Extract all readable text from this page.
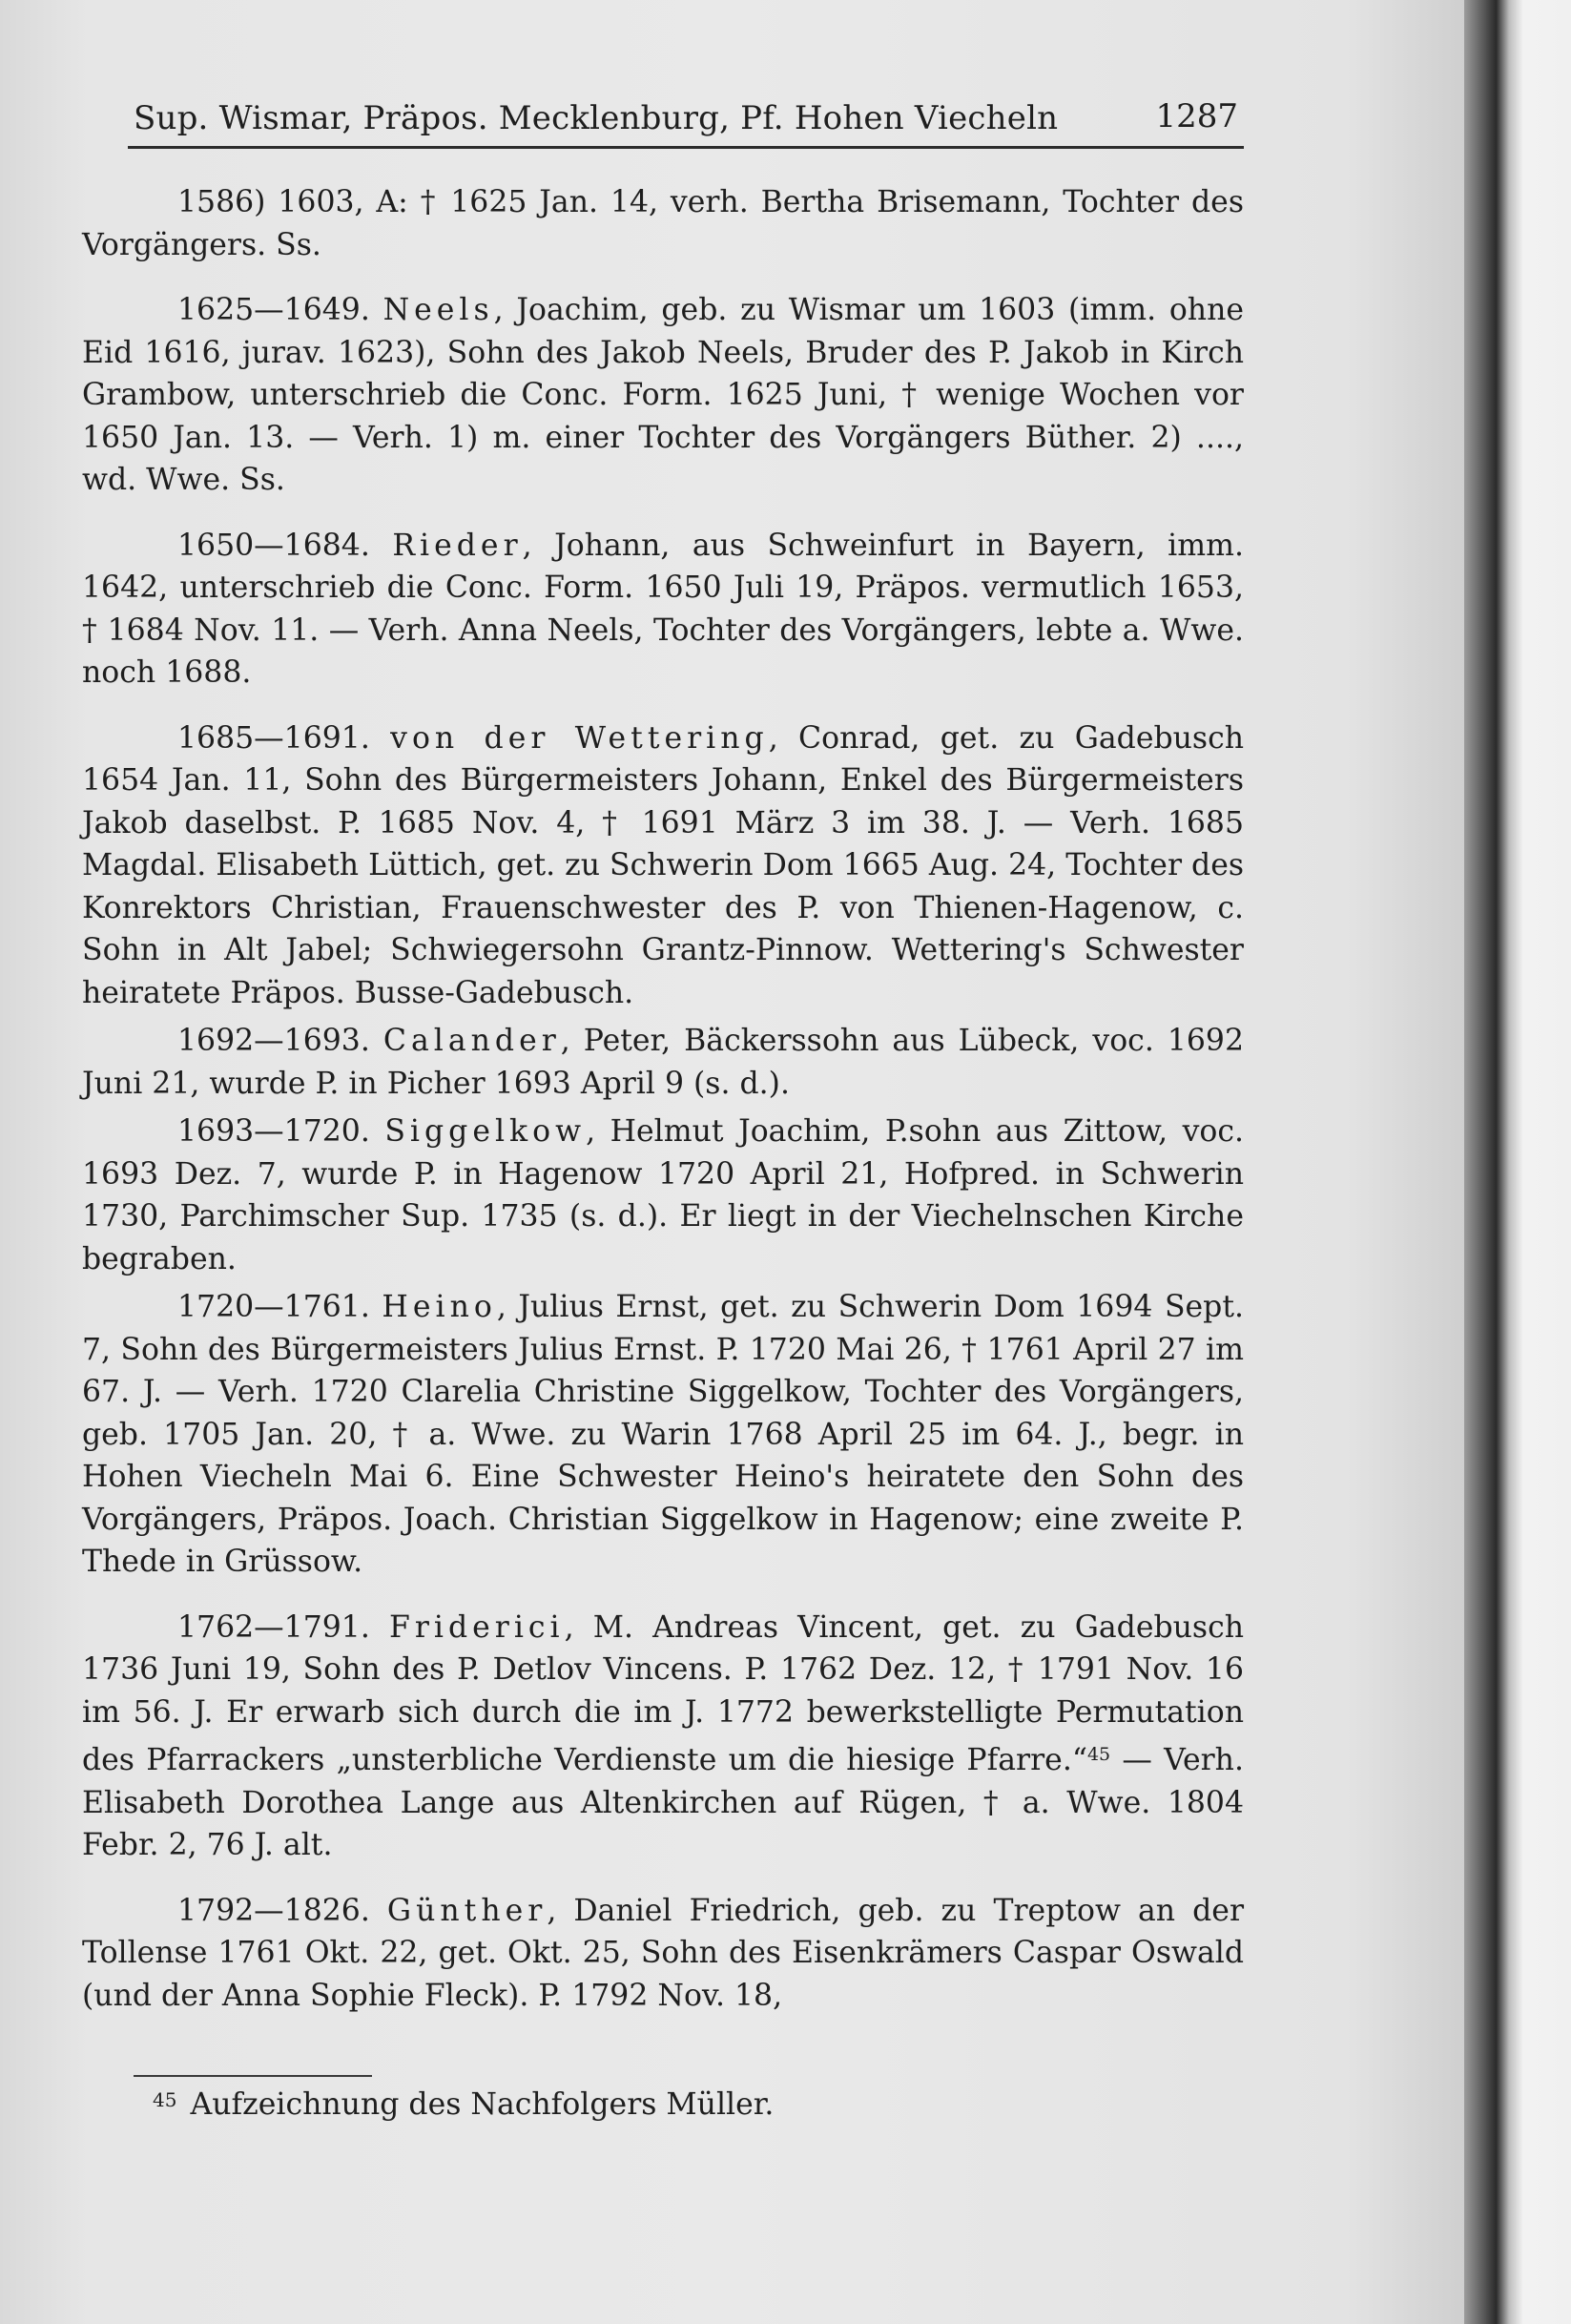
Sup. Wismar, Präpos. Mecklenburg, Pf. Hohen Viecheln	1287

1586) 1603, A: † 1625 Jan. 14, verh. Bertha Brisemann, Tochter des Vorgängers. Ss.

1625—1649. Neels, Joachim, geb. zu Wismar um 1603 (imm. ohne Eid 1616, jurav. 1623), Sohn des Jakob Neels, Bruder des P. Jakob in Kirch Grambow, unterschrieb die Conc. Form. 1625 Juni, † wenige Wochen vor 1650 Jan. 13. — Verh. 1) m. einer Tochter des Vorgängers Büther. 2) ...., wd. Wwe. Ss.

1650—1684. Rieder, Johann, aus Schweinfurt in Bayern, imm. 1642, unterschrieb die Conc. Form. 1650 Juli 19, Präpos. vermutlich 1653, † 1684 Nov. 11. — Verh. Anna Neels, Tochter des Vorgängers, lebte a. Wwe. noch 1688.

1685—1691. von der Wettering, Conrad, get. zu Gadebusch 1654 Jan. 11, Sohn des Bürgermeisters Johann, Enkel des Bürgermeisters Jakob daselbst. P. 1685 Nov. 4, † 1691 März 3 im 38. J. — Verh. 1685 Magdal. Elisabeth Lüttich, get. zu Schwerin Dom 1665 Aug. 24, Tochter des Konrektors Christian, Frauenschwester des P. von Thienen-Hagenow, c. Sohn in Alt Jabel; Schwiegersohn Grantz-Pinnow. Wettering's Schwester heiratete Präpos. Busse-Gadebusch.

1692—1693. Calander, Peter, Bäckerssohn aus Lübeck, voc. 1692 Juni 21, wurde P. in Picher 1693 April 9 (s. d.).

1693—1720. Siggelkow, Helmut Joachim, P.sohn aus Zittow, voc. 1693 Dez. 7, wurde P. in Hagenow 1720 April 21, Hofpred. in Schwerin 1730, Parchimscher Sup. 1735 (s. d.). Er liegt in der Viechelnschen Kirche begraben.

1720—1761. Heino, Julius Ernst, get. zu Schwerin Dom 1694 Sept. 7, Sohn des Bürgermeisters Julius Ernst. P. 1720 Mai 26, † 1761 April 27 im 67. J. — Verh. 1720 Clarelia Christine Siggelkow, Tochter des Vorgängers, geb. 1705 Jan. 20, † a. Wwe. zu Warin 1768 April 25 im 64. J., begr. in Hohen Viecheln Mai 6. Eine Schwester Heino's heiratete den Sohn des Vorgängers, Präpos. Joach. Christian Siggelkow in Hagenow; eine zweite P. Thede in Grüssow.

1762—1791. Friderici, M. Andreas Vincent, get. zu Gadebusch 1736 Juni 19, Sohn des P. Detlov Vincens. P. 1762 Dez. 12, † 1791 Nov. 16 im 56. J. Er erwarb sich durch die im J. 1772 bewerkstelligte Permutation des Pfarrackers „unsterbliche Verdienste um die hiesige Pfarre.“$^{45}$ — Verh. Elisabeth Dorothea Lange aus Altenkirchen auf Rügen, † a. Wwe. 1804 Febr. 2, 76 J. alt.

1792—1826. Günther, Daniel Friedrich, geb. zu Treptow an der Tollense 1761 Okt. 22, get. Okt. 25, Sohn des Eisenkrämers Caspar Oswald (und der Anna Sophie Fleck). P. 1792 Nov. 18,

$^{45}$ Aufzeichnung des Nachfolgers Müller.
